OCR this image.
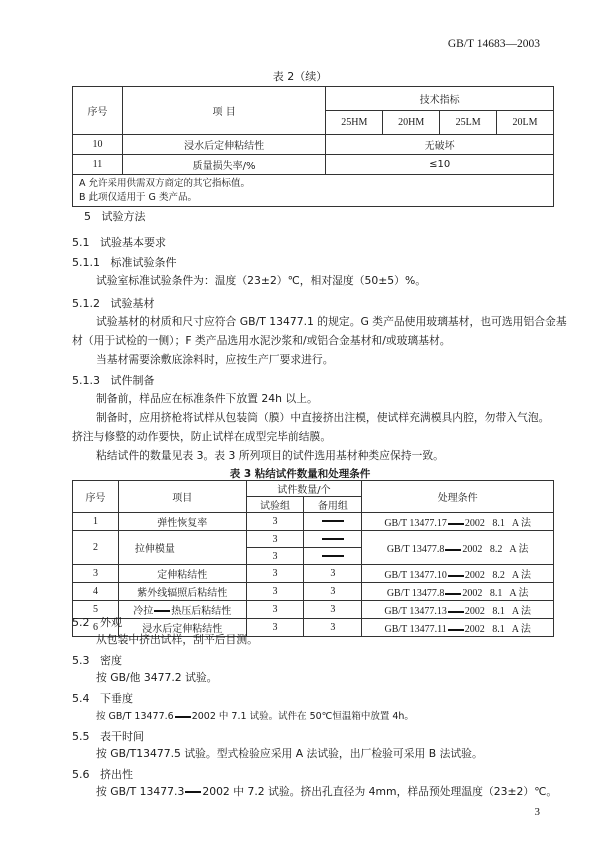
GB/T 14683—2003
表 2（续）
序号	项 目	技术指标			
		25HM	20HM	25LM	20LM
10	浸水后定伸粘结性	无破坏			
11	质量损失率/%	≤10			

A 允许采用供需双方商定的其它指标值。
B 此项仅适用于 G 类产品。					
5 试验方法
5.1 试验基本要求
5.1.1 标准试验条件
试验室标准试验条件为：温度（23±2）℃，相对湿度（50±5）%。
5.1.2 试验基材
试验基材的材质和尺寸应符合 GB/T 13477.1 的规定。G 类产品使用玻璃基材，也可选用铝合金基
材（用于试检的一侧）；F 类产品选用水泥沙浆和/或铝合金基材和/或玻璃基材。
当基材需要涂敷底涂料时，应按生产厂要求进行。
5.1.3 试件制备
制备前，样品应在标准条件下放置 24h 以上。
制备时，应用挤枪将试样从包装筒（膜）中直接挤出注模，使试样充满模具内腔，勿带入气泡。
挤注与修整的动作要快，防止试样在成型完毕前结膜。
粘结试件的数量见表 3。表 3 所列项目的试件选用基材种类应保持一致。
表 3 粘结试件数量和处理条件
序号	项目	试件数量/个		处理条件
		试验组	备用组	
1	弹性恢复率	3		GB/T 13477.17 2002 8.1 A 法
2	拉伸模量	3		GB/T 13477.8 2002 8.2 A 法
		3		
3	定伸粘结性	3	3	GB/T 13477.10 2002 8.2 A 法
4	紫外线辐照后粘结性	3	3	GB/T 13477.8 2002 8.1 A 法
5	冷拉 热压后粘结性	3	3	GB/T 13477.13 2002 8.1 A 法
6	浸水后定伸粘结性	3	3	GB/T 13477.11 2002 8.1 A 法
5.2 外观
从包装中挤出试样，刮平后目测。
5.3 密度
按 GB/他 3477.2 试验。
5.4 下垂度
按 GB/T 13477.6 2002 中 7.1 试验。试件在 50℃恒温箱中放置 4h。
5.5 表干时间
按 GB/T13477.5 试验。型式检验应采用 A 法试验，出厂检验可采用 B 法试验。
5.6 挤出性
按 GB/T 13477.3 2002 中 7.2 试验。挤出孔直径为 4mm，样品预处理温度（23±2）℃。
3
